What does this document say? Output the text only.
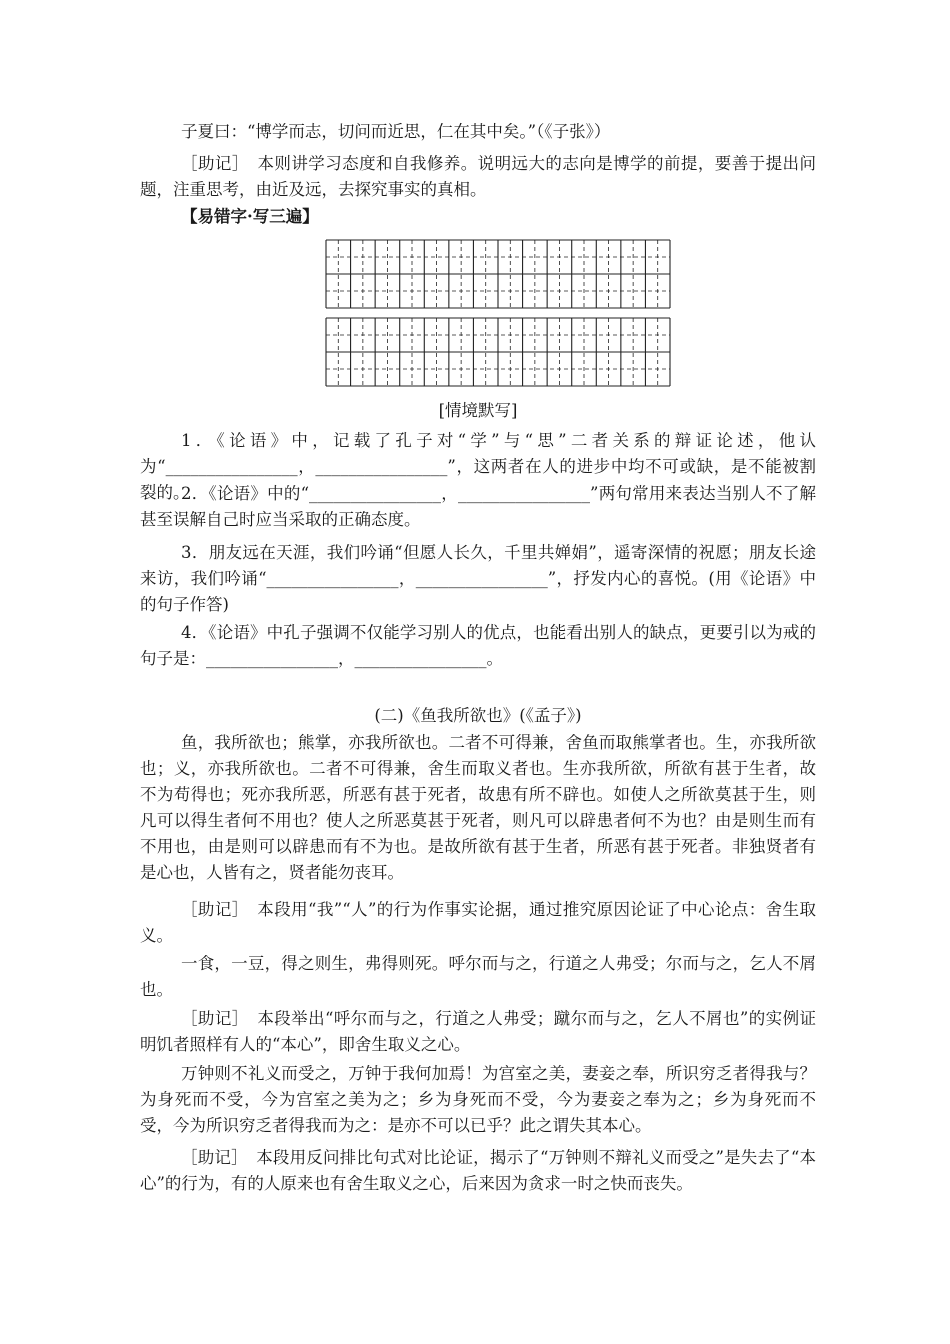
子夏曰：“博学而志，切问而近思，仁在其中矣。”（《子张》）

［助记］　本则讲学习态度和自我修养。说明远大的志向是博学的前提，要善于提出问题，注重思考，由近及远，去探究事实的真相。

【易错字·写三遍】

[情境默写]

1．《论语》中，记载了孔子对“学”与“思”二者关系的辩证论述，他认为“________________，________________”，这两者在人的进步中均不可或缺，是不能被割裂的。

2．《论语》中的“________________，________________”两句常用来表达当别人不了解甚至误解自己时应当采取的正确态度。

3．朋友远在天涯，我们吟诵“但愿人长久，千里共婵娟”，遥寄深情的祝愿；朋友长途来访，我们吟诵“________________，________________”，抒发内心的喜悦。(用《论语》中的句子作答)

4．《论语》中孔子强调不仅能学习别人的优点，也能看出别人的缺点，更要引以为戒的句子是：________________，________________。

(二)《鱼我所欲也》(《孟子》)

鱼，我所欲也；熊掌，亦我所欲也。二者不可得兼，舍鱼而取熊掌者也。生，亦我所欲也；义，亦我所欲也。二者不可得兼，舍生而取义者也。生亦我所欲，所欲有甚于生者，故不为苟得也；死亦我所恶，所恶有甚于死者，故患有所不辟也。如使人之所欲莫甚于生，则凡可以得生者何不用也？使人之所恶莫甚于死者，则凡可以辟患者何不为也？由是则生而有不用也，由是则可以辟患而有不为也。是故所欲有甚于生者，所恶有甚于死者。非独贤者有是心也，人皆有之，贤者能勿丧耳。

［助记］　本段用“我”“人”的行为作事实论据，通过推究原因论证了中心论点：舍生取义。

一食，一豆，得之则生，弗得则死。呼尔而与之，行道之人弗受；尔而与之，乞人不屑也。

［助记］　本段举出“呼尔而与之，行道之人弗受；蹴尔而与之，乞人不屑也”的实例证明饥者照样有人的“本心”，即舍生取义之心。

万钟则不礼义而受之，万钟于我何加焉！为宫室之美，妻妾之奉，所识穷乏者得我与？为身死而不受，今为宫室之美为之；乡为身死而不受，今为妻妾之奉为之；乡为身死而不受，今为所识穷乏者得我而为之：是亦不可以已乎？此之谓失其本心。

［助记］　本段用反问排比句式对比论证，揭示了“万钟则不辩礼义而受之”是失去了“本心”的行为，有的人原来也有舍生取义之心，后来因为贪求一时之快而丧失。
